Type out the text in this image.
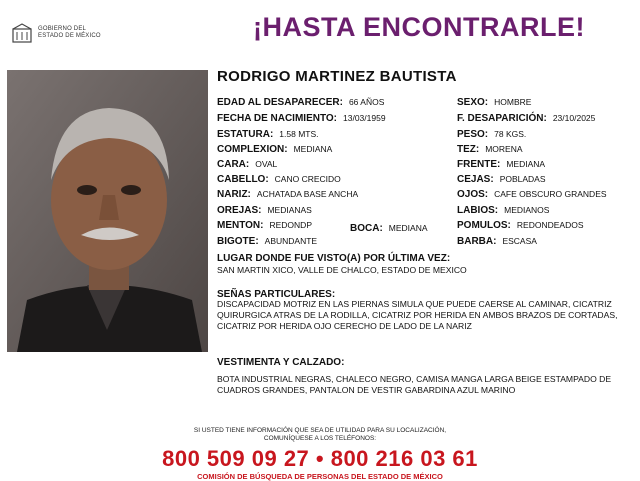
GOBIERNO DEL
ESTADO DE MÉXICO	¡HASTA ENCONTRARLE!
RODRIGO MARTINEZ BAUTISTA
EDAD AL DESAPARECER: 66 AÑOS	SEXO: HOMBRE
FECHA DE NACIMIENTO: 13/03/1959	F. DESAPARICIÓN: 23/10/2025
ESTATURA: 1.58 MTS.	PESO: 78 KGS.
COMPLEXION: MEDIANA	TEZ: MORENA
CARA: OVAL	FRENTE: MEDIANA
CABELLO: CANO CRECIDO	CEJAS: POBLADAS
NARIZ: ACHATADA BASE ANCHA	OJOS: CAFE OBSCURO GRANDES
OREJAS: MEDIANAS	LABIOS: MEDIANOS
MENTON: REDONDP	BOCA: MEDIANA	POMULOS: REDONDEADOS
BIGOTE: ABUNDANTE	BARBA: ESCASA
LUGAR DONDE FUE VISTO(A) POR ÚLTIMA VEZ:
SAN MARTIN XICO, VALLE DE CHALCO, ESTADO DE MEXICO
SEÑAS PARTICULARES:
DISCAPACIDAD MOTRIZ EN LAS PIERNAS SIMULA QUE PUEDE CAERSE AL CAMINAR, CICATRIZ QUIRURGICA ATRAS DE LA RODILLA, CICATRIZ POR HERIDA EN AMBOS BRAZOS DE CORTADAS, CICATRIZ POR HERIDA OJO CERECHO DE LADO DE LA NARIZ
VESTIMENTA Y CALZADO:
BOTA INDUSTRIAL NEGRAS, CHALECO NEGRO, CAMISA MANGA LARGA BEIGE ESTAMPADO DE CUADROS GRANDES, PANTALON DE VESTIR GABARDINA AZUL MARINO
SI USTED TIENE INFORMACIÓN QUE SEA DE UTILIDAD PARA SU LOCALIZACIÓN,
COMUNÍQUESE A LOS TELÉFONOS:
800 509 09 27 • 800 216 03 61
COMISIÓN DE BÚSQUEDA DE PERSONAS DEL ESTADO DE MÉXICO
